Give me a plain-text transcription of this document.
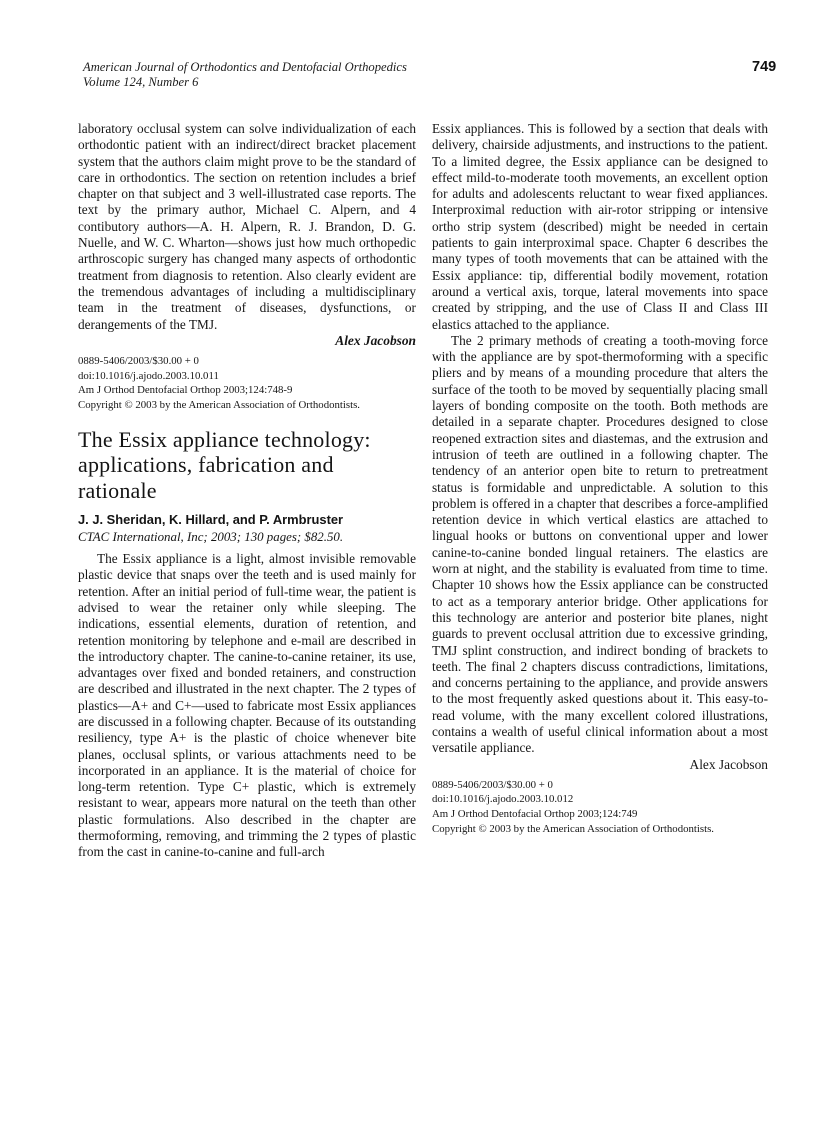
American Journal of Orthodontics and Dentofacial Orthopedics
Volume 124, Number 6
749

laboratory occlusal system can solve individualization of each orthodontic patient with an indirect/direct bracket placement system that the authors claim might prove to be the standard of care in orthodontics. The section on retention includes a brief chapter on that subject and 3 well-illustrated case reports. The text by the primary author, Michael C. Alpern, and 4 contibutory authors—A. H. Alpern, R. J. Brandon, D. G. Nuelle, and W. C. Wharton—shows just how much orthopedic arthroscopic surgery has changed many aspects of orthodontic treatment from diagnosis to retention. Also clearly evident are the tremendous advantages of including a multidisciplinary team in the treatment of diseases, dysfunctions, or derangements of the TMJ.

Alex Jacobson

0889-5406/2003/$30.00 + 0
doi:10.1016/j.ajodo.2003.10.011
Am J Orthod Dentofacial Orthop 2003;124:748-9
Copyright © 2003 by the American Association of Orthodontists.
The Essix appliance technology:
applications, fabrication and rationale
J. J. Sheridan, K. Hillard, and P. Armbruster
CTAC International, Inc; 2003; 130 pages; $82.50.

The Essix appliance is a light, almost invisible removable plastic device that snaps over the teeth and is used mainly for retention. After an initial period of full-time wear, the patient is advised to wear the retainer only while sleeping. The indications, essential elements, duration of retention, and retention monitoring by telephone and e-mail are described in the introductory chapter. The canine-to-canine retainer, its use, advantages over fixed and bonded retainers, and construction are described and illustrated in the next chapter. The 2 types of plastics—A+ and C+—used to fabricate most Essix appliances are discussed in a following chapter. Because of its outstanding resiliency, type A+ is the plastic of choice whenever bite planes, occlusal splints, or various attachments need to be incorporated in an appliance. It is the material of choice for long-term retention. Type C+ plastic, which is extremely resistant to wear, appears more natural on the teeth than other plastic formulations. Also described in the chapter are thermoforming, removing, and trimming the 2 types of plastic from the cast in canine-to-canine and full-arch

Essix appliances. This is followed by a section that deals with delivery, chairside adjustments, and instructions to the patient. To a limited degree, the Essix appliance can be designed to effect mild-to-moderate tooth movements, an excellent option for adults and adolescents reluctant to wear fixed appliances. Interproximal reduction with air-rotor stripping or intensive ortho strip system (described) might be needed in certain patients to gain interproximal space. Chapter 6 describes the many types of tooth movements that can be attained with the Essix appliance: tip, differential bodily movement, rotation around a vertical axis, torque, lateral movements into space created by stripping, and the use of Class II and Class III elastics attached to the appliance.

The 2 primary methods of creating a tooth-moving force with the appliance are by spot-thermoforming with a specific pliers and by means of a mounding procedure that alters the surface of the tooth to be moved by sequentially placing small layers of bonding composite on the tooth. Both methods are detailed in a separate chapter. Procedures designed to close reopened extraction sites and diastemas, and the extrusion and intrusion of teeth are outlined in a following chapter. The tendency of an anterior open bite to return to pretreatment status is formidable and unpredictable. A solution to this problem is offered in a chapter that describes a force-amplified retention device in which vertical elastics are attached to lingual hooks or buttons on conventional upper and lower canine-to-canine bonded lingual retainers. The elastics are worn at night, and the stability is evaluated from time to time. Chapter 10 shows how the Essix appliance can be constructed to act as a temporary anterior bridge. Other applications for this technology are anterior and posterior bite planes, night guards to prevent occlusal attrition due to excessive grinding, TMJ splint construction, and indirect bonding of brackets to teeth. The final 2 chapters discuss contradictions, limitations, and concerns pertaining to the appliance, and provide answers to the most frequently asked questions about it. This easy-to-read volume, with the many excellent colored illustrations, contains a wealth of useful clinical information about a most versatile appliance.

Alex Jacobson

0889-5406/2003/$30.00 + 0
doi:10.1016/j.ajodo.2003.10.012
Am J Orthod Dentofacial Orthop 2003;124:749
Copyright © 2003 by the American Association of Orthodontists.
